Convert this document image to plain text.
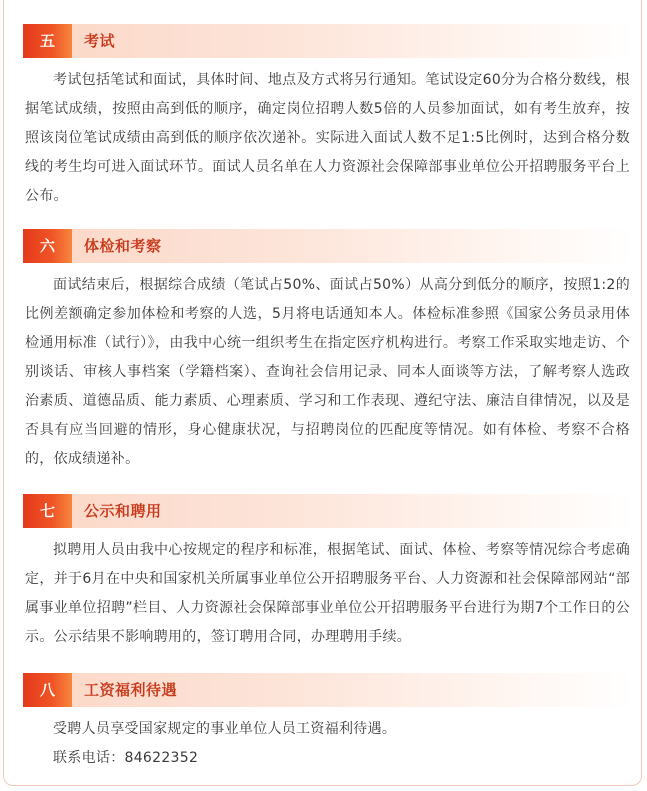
五	考试
考试包括笔试和面试，具体时间、地点及方式将另行通知。笔试设定60分为合格分数线，根据笔试成绩，按照由高到低的顺序，确定岗位招聘人数5倍的人员参加面试，如有考生放弃，按照该岗位笔试成绩由高到低的顺序依次递补。实际进入面试人数不足1:5比例时，达到合格分数线的考生均可进入面试环节。面试人员名单在人力资源社会保障部事业单位公开招聘服务平台上公布。
六	体检和考察
面试结束后，根据综合成绩（笔试占50%、面试占50%）从高分到低分的顺序，按照1:2的比例差额确定参加体检和考察的人选，5月将电话通知本人。体检标准参照《国家公务员录用体检通用标准（试行）》，由我中心统一组织考生在指定医疗机构进行。考察工作采取实地走访、个别谈话、审核人事档案（学籍档案）、查询社会信用记录、同本人面谈等方法，了解考察人选政治素质、道德品质、能力素质、心理素质、学习和工作表现、遵纪守法、廉洁自律情况，以及是否具有应当回避的情形，身心健康状况，与招聘岗位的匹配度等情况。如有体检、考察不合格的，依成绩递补。
七	公示和聘用
拟聘用人员由我中心按规定的程序和标准，根据笔试、面试、体检、考察等情况综合考虑确定，并于6月在中央和国家机关所属事业单位公开招聘服务平台、人力资源和社会保障部网站“部属事业单位招聘”栏目、人力资源社会保障部事业单位公开招聘服务平台进行为期7个工作日的公示。公示结果不影响聘用的，签订聘用合同，办理聘用手续。
八	工资福利待遇
受聘人员享受国家规定的事业单位人员工资福利待遇。
联系电话：84622352
